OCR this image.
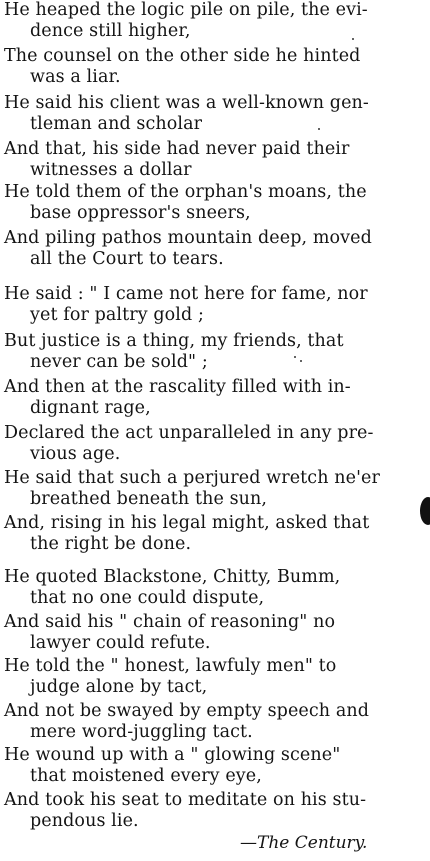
He heaped the logic pile on pile, the evi-
dence still higher,
The counsel on the other side he hinted
was a liar.
He said his client was a well-known gen-
tleman and scholar
And that, his side had never paid their
witnesses a dollar
He told them of the orphan's moans, the
base oppressor's sneers,
And piling pathos mountain deep, moved
all the Court to tears.
He said : " I came not here for fame, nor
yet for paltry gold ;
But justice is a thing, my friends, that
never can be sold" ;
And then at the rascality filled with in-
dignant rage,
Declared the act unparalleled in any pre-
vious age.
He said that such a perjured wretch ne'er
breathed beneath the sun,
And, rising in his legal might, asked that
the right be done.
He quoted Blackstone, Chitty, Bumm,
that no one could dispute,
And said his " chain of reasoning" no
lawyer could refute.
He told the " honest, lawfuly men" to
judge alone by tact,
And not be swayed by empty speech and
mere word-juggling tact.
He wound up with a " glowing scene"
that moistened every eye,
And took his seat to meditate on his stu-
pendous lie.
—The Century.
